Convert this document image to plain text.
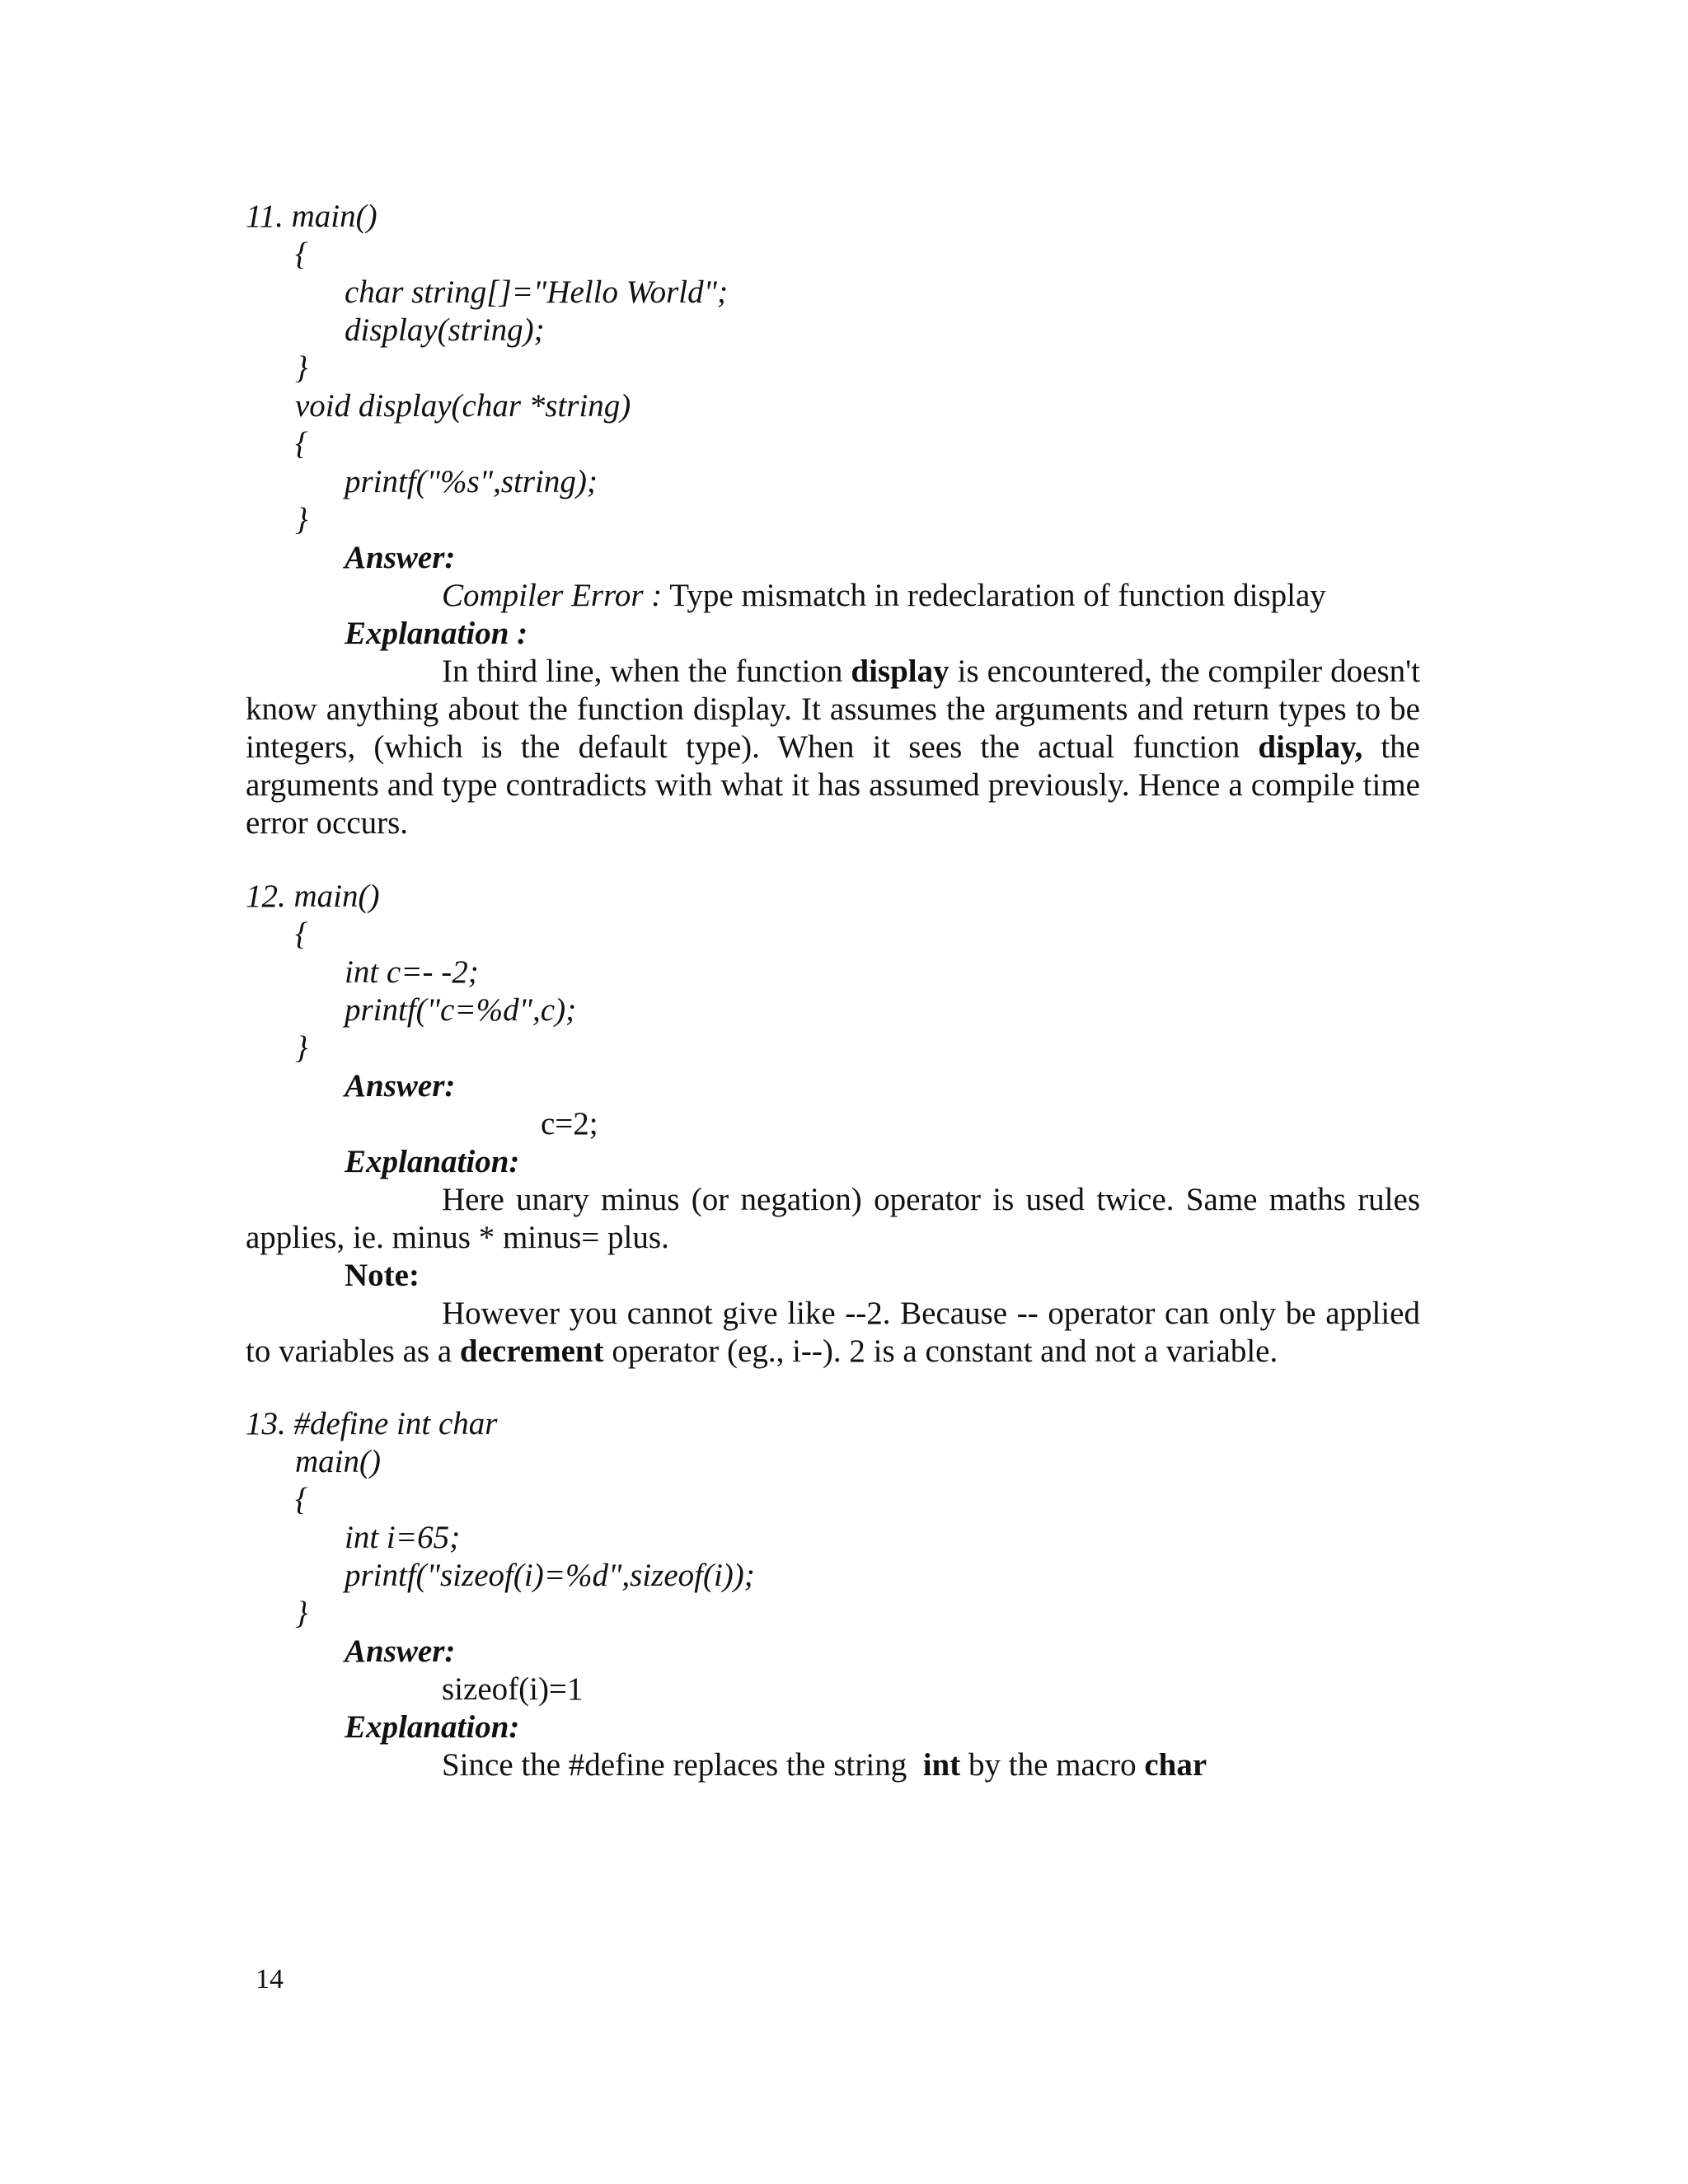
11. main()
{
char string[]="Hello World";
display(string);
}
void display(char *string)
{
printf("%s",string);
}
Answer:
Compiler Error : Type mismatch in redeclaration of function display
Explanation :

In third line, when the function display is encountered, the compiler doesn't know anything about the function display. It assumes the arguments and return types to be integers, (which is the default type). When it sees the actual function display, the arguments and type contradicts with what it has assumed previously. Hence a compile time error occurs.

12. main()
{
int c=- -2;
printf("c=%d",c);
}
Answer:
c=2;
Explanation:

Here unary minus (or negation) operator is used twice. Same maths rules applies, ie. minus * minus= plus.

Note:

However you cannot give like --2. Because -- operator can only be applied to variables as a decrement operator (eg., i--). 2 is a constant and not a variable.

13. #define int char
main()
{
int i=65;
printf("sizeof(i)=%d",sizeof(i));
}
Answer:
sizeof(i)=1
Explanation:
Since the #define replaces the string  int by the macro char
14
